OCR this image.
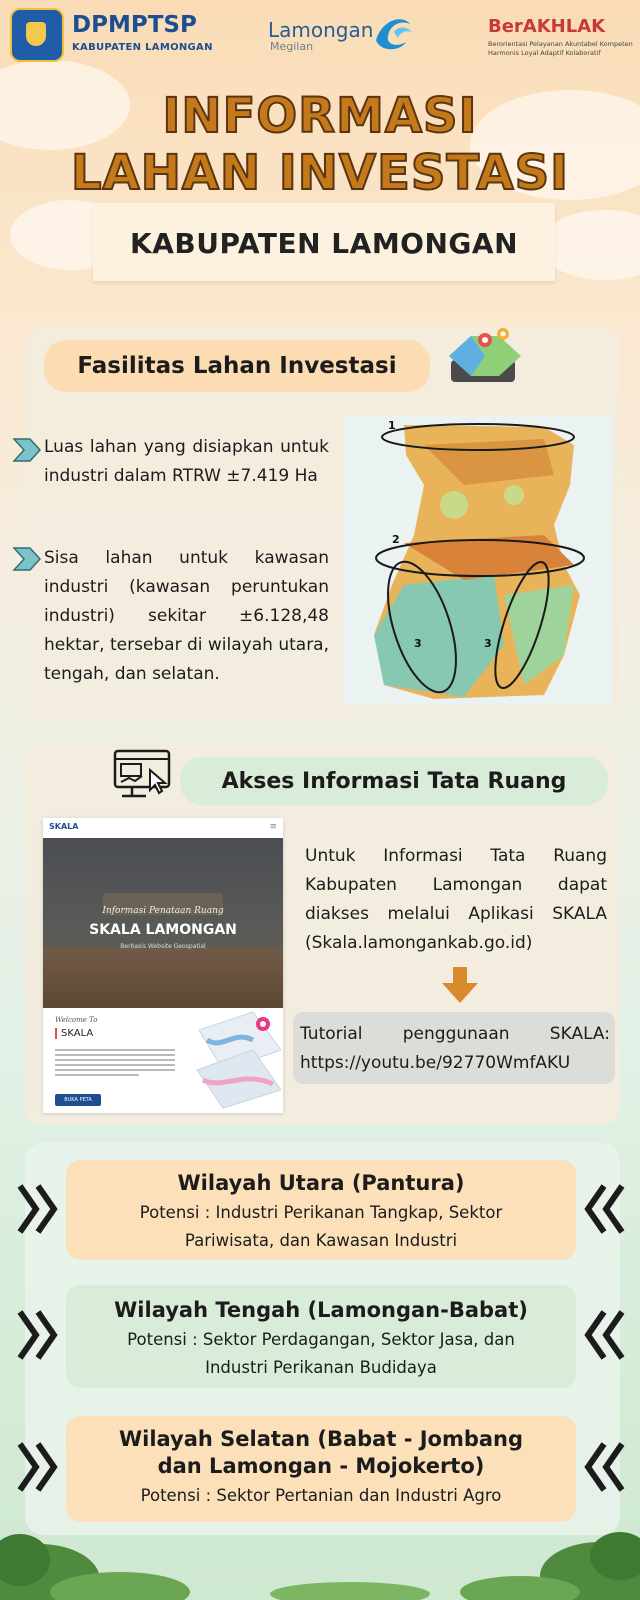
DPMPTSP
KABUPATEN LAMONGAN
Lamongan
Megilan
BerAKHLAK
Berorientasi Pelayanan Akuntabel Kompeten Harmonis Loyal Adaptif Kolaboratif
INFORMASI
LAHAN INVESTASI
KABUPATEN LAMONGAN
Fasilitas Lahan Investasi
Luas lahan yang disiapkan untuk industri dalam RTRW ±7.419 Ha
Sisa lahan untuk kawasan industri (kawasan peruntukan industri) sekitar ±6.128,48 hektar, tersebar di wilayah utara, tengah, dan selatan.
1
2
3	3
Akses Informasi Tata Ruang
SKALA	≡
Informasi Penataan Ruang
SKALA LAMONGAN
Berbasis Website Geospatial
Welcome To
SKALA
BUKA PETA
Untuk Informasi Tata Ruang Kabupaten Lamongan dapat diakses melalui Aplikasi SKALA (Skala.lamongankab.go.id)
Tutorial penggunaan SKALA: https://youtu.be/92770WmfAKU
Wilayah Utara (Pantura)
Potensi : Industri Perikanan Tangkap, Sektor Pariwisata, dan Kawasan Industri
Wilayah Tengah (Lamongan-Babat)
Potensi : Sektor Perdagangan, Sektor Jasa, dan Industri Perikanan Budidaya
Wilayah Selatan (Babat - Jombang dan Lamongan - Mojokerto)
Potensi : Sektor Pertanian dan Industri Agro
